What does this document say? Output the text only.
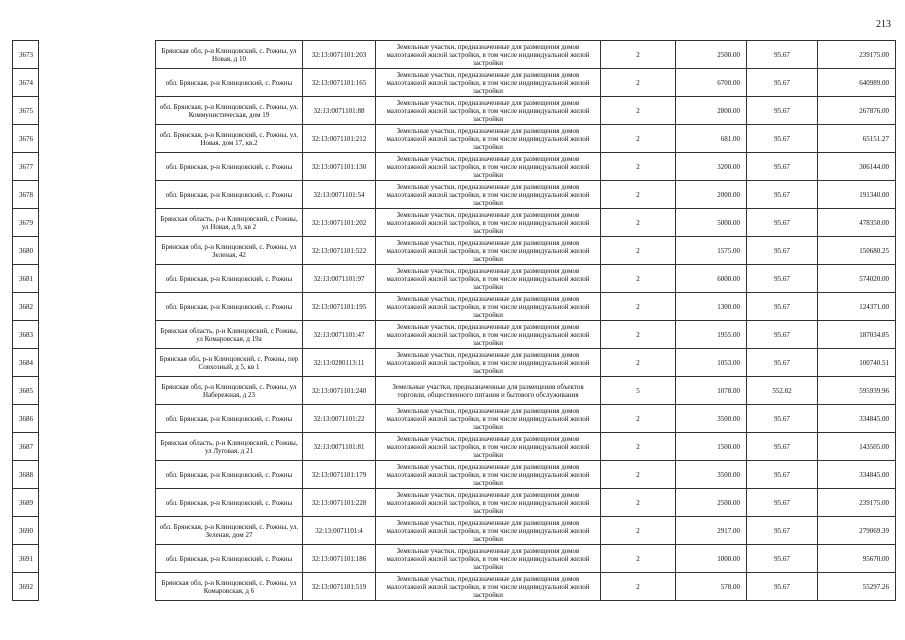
213
3673		Брянская обл, р-н Клинцовский, с. Рожны, ул Новая, д 10	32:13:0071101:203	Земельные участки, предназначенные для размещения домов малоэтажной жилой застройки, в том числе индивидуальной жилой застройки	2	2500.00	95.67	239175.00
3674		обл. Брянская, р-н Клинцовский, с. Рожны	32:13:0071101:165	Земельные участки, предназначенные для размещения домов малоэтажной жилой застройки, в том числе индивидуальной жилой застройки	2	6700.00	95.67	640989.00
3675		обл. Брянская, р-н Клинцовский, с. Рожны, ул. Коммунистическая, дом 19	32:13:0071101:88	Земельные участки, предназначенные для размещения домов малоэтажной жилой застройки, в том числе индивидуальной жилой застройки	2	2800.00	95.67	267876.00
3676		обл. Брянская, р-н Клинцовский, с. Рожны, ул. Новая, дом 17, кв.2	32:13:0071101:212	Земельные участки, предназначенные для размещения домов малоэтажной жилой застройки, в том числе индивидуальной жилой застройки	2	681.00	95.67	65151.27
3677		обл. Брянская, р-н Клинцовский, с. Рожны	32:13:0071101:130	Земельные участки, предназначенные для размещения домов малоэтажной жилой застройки, в том числе индивидуальной жилой застройки	2	3200.00	95.67	306144.00
3678		обл. Брянская, р-н Клинцовский, с. Рожны	32:13:0071101:54	Земельные участки, предназначенные для размещения домов малоэтажной жилой застройки, в том числе индивидуальной жилой застройки	2	2000.00	95.67	191340.00
3679		Брянская область, р-н Клинцовский, с Рожны, ул Новая, д 9, кв 2	32:13:0071101:202	Земельные участки, предназначенные для размещения домов малоэтажной жилой застройки, в том числе индивидуальной жилой застройки	2	5000.00	95.67	478350.00
3680		Брянская обл, р-н Клинцовский, с. Рожны, ул Зеленая, 42	32:13:0071101:522	Земельные участки, предназначенные для размещения домов малоэтажной жилой застройки, в том числе индивидуальной жилой застройки	2	1575.00	95.67	150680.25
3681		обл. Брянская, р-н Клинцовский, с. Рожны	32:13:0071101:97	Земельные участки, предназначенные для размещения домов малоэтажной жилой застройки, в том числе индивидуальной жилой застройки	2	6000.00	95.67	574020.00
3682		обл. Брянская, р-н Клинцовский, с. Рожны	32:13:0071101:195	Земельные участки, предназначенные для размещения домов малоэтажной жилой застройки, в том числе индивидуальной жилой застройки	2	1300.00	95.67	124371.00
3683		Брянская область, р-н Клинцовский, с Рожны, ул Комаровская, д 19а	32:13:0071101:47	Земельные участки, предназначенные для размещения домов малоэтажной жилой застройки, в том числе индивидуальной жилой застройки	2	1955.00	95.67	187034.85
3684		Брянская обл, р-н Клинцовский, с. Рожны, пер Совхозный, д 5, кв 1	32:13:0280113:11	Земельные участки, предназначенные для размещения домов малоэтажной жилой застройки, в том числе индивидуальной жилой застройки	2	1053.00	95.67	100740.51
3685		Брянская обл, р-н Клинцовский, с. Рожны, ул Набережная, д 23	32:13:0071101:240	Земельные участки, предназначенные для размещения объектов торговли, общественного питания и бытового обслуживания	5	1078.00	552.82	595939.96
3686		обл. Брянская, р-н Клинцовский, с. Рожны	32:13:0071101:22	Земельные участки, предназначенные для размещения домов малоэтажной жилой застройки, в том числе индивидуальной жилой застройки	2	3500.00	95.67	334845.00
3687		Брянская область, р-н Клинцовский, с Рожны, ул Луговая, д 21	32:13:0071101:81	Земельные участки, предназначенные для размещения домов малоэтажной жилой застройки, в том числе индивидуальной жилой застройки	2	1500.00	95.67	143505.00
3688		обл. Брянская, р-н Клинцовский, с. Рожны	32:13:0071101:179	Земельные участки, предназначенные для размещения домов малоэтажной жилой застройки, в том числе индивидуальной жилой застройки	2	3500.00	95.67	334845.00
3689		обл. Брянская, р-н Клинцовский, с. Рожны	32:13:0071101:228	Земельные участки, предназначенные для размещения домов малоэтажной жилой застройки, в том числе индивидуальной жилой застройки	2	2500.00	95.67	239175.00
3690		обл. Брянская, р-н Клинцовский, с. Рожны, ул. Зеленая, дом 27	32:13:0071101:4	Земельные участки, предназначенные для размещения домов малоэтажной жилой застройки, в том числе индивидуальной жилой застройки	2	2917.00	95.67	279069.39
3691		обл. Брянская, р-н Клинцовский, с. Рожны	32:13:0071101:186	Земельные участки, предназначенные для размещения домов малоэтажной жилой застройки, в том числе индивидуальной жилой застройки	2	1000.00	95.67	95670.00
3692		Брянская обл, р-н Клинцовский, с. Рожны, ул Комаровская, д 6	32:13:0071101:519	Земельные участки, предназначенные для размещения домов малоэтажной жилой застройки, в том числе индивидуальной жилой застройки	2	578.00	95.67	55297.26
